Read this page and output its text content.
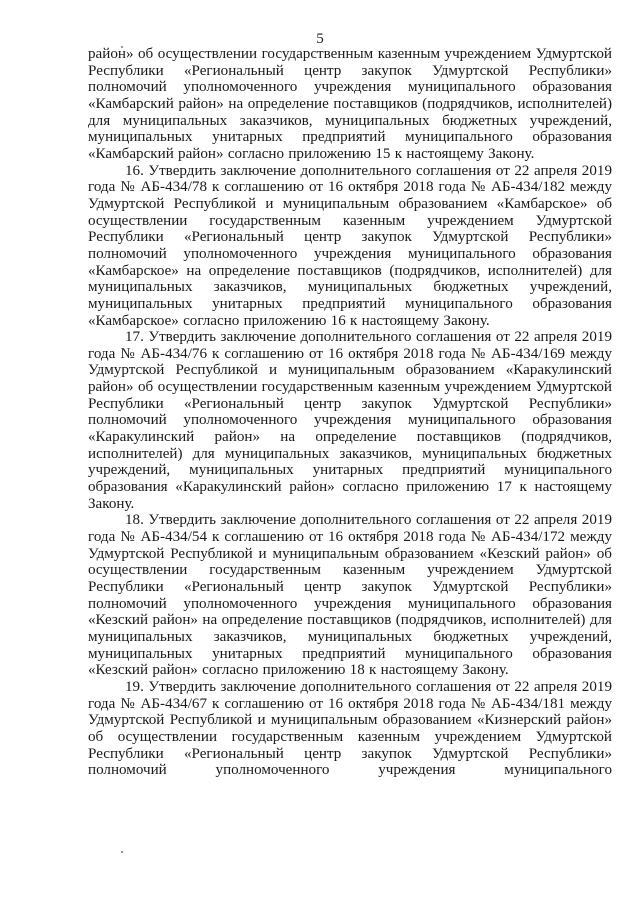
5

район» об осуществлении государственным казенным учреждением Удмуртской Республики «Региональный центр закупок Удмуртской Республики» полномочий уполномоченного учреждения муниципального образования «Камбарский район» на определение поставщиков (подрядчиков, исполнителей) для муниципальных заказчиков, муниципальных бюджетных учреждений, муниципальных унитарных предприятий муниципального образования «Камбарский район» согласно приложению 15 к настоящему Закону.

16. Утвердить заключение дополнительного соглашения от 22 апреля 2019 года № АБ-434/78 к соглашению от 16 октября 2018 года № АБ-434/182 между Удмуртской Республикой и муниципальным образованием «Камбарское» об осуществлении государственным казенным учреждением Удмуртской Республики «Региональный центр закупок Удмуртской Республики» полномочий уполномоченного учреждения муниципального образования «Камбарское» на определение поставщиков (подрядчиков, исполнителей) для муниципальных заказчиков, муниципальных бюджетных учреждений, муниципальных унитарных предприятий муниципального образования «Камбарское» согласно приложению 16 к настоящему Закону.

17. Утвердить заключение дополнительного соглашения от 22 апреля 2019 года № АБ-434/76 к соглашению от 16 октября 2018 года № АБ-434/169 между Удмуртской Республикой и муниципальным образованием «Каракулинский район» об осуществлении государственным казенным учреждением Удмуртской Республики «Региональный центр закупок Удмуртской Республики» полномочий уполномоченного учреждения муниципального образования «Каракулинский район» на определение поставщиков (подрядчиков, исполнителей) для муниципальных заказчиков, муниципальных бюджетных учреждений, муниципальных унитарных предприятий муниципального образования «Каракулинский район» согласно приложению 17 к настоящему Закону.

18. Утвердить заключение дополнительного соглашения от 22 апреля 2019 года № АБ-434/54 к соглашению от 16 октября 2018 года № АБ-434/172 между Удмуртской Республикой и муниципальным образованием «Кезский район» об осуществлении государственным казенным учреждением Удмуртской Республики «Региональный центр закупок Удмуртской Республики» полномочий уполномоченного учреждения муниципального образования «Кезский район» на определение поставщиков (подрядчиков, исполнителей) для муниципальных заказчиков, муниципальных бюджетных учреждений, муниципальных унитарных предприятий муниципального образования «Кезский район» согласно приложению 18 к настоящему Закону.

19. Утвердить заключение дополнительного соглашения от 22 апреля 2019 года № АБ-434/67 к соглашению от 16 октября 2018 года № АБ-434/181 между Удмуртской Республикой и муниципальным образованием «Кизнерский район» об осуществлении государственным казенным учреждением Удмуртской Республики «Региональный центр закупок Удмуртской Республики» полномочий уполномоченного учреждения муниципального
